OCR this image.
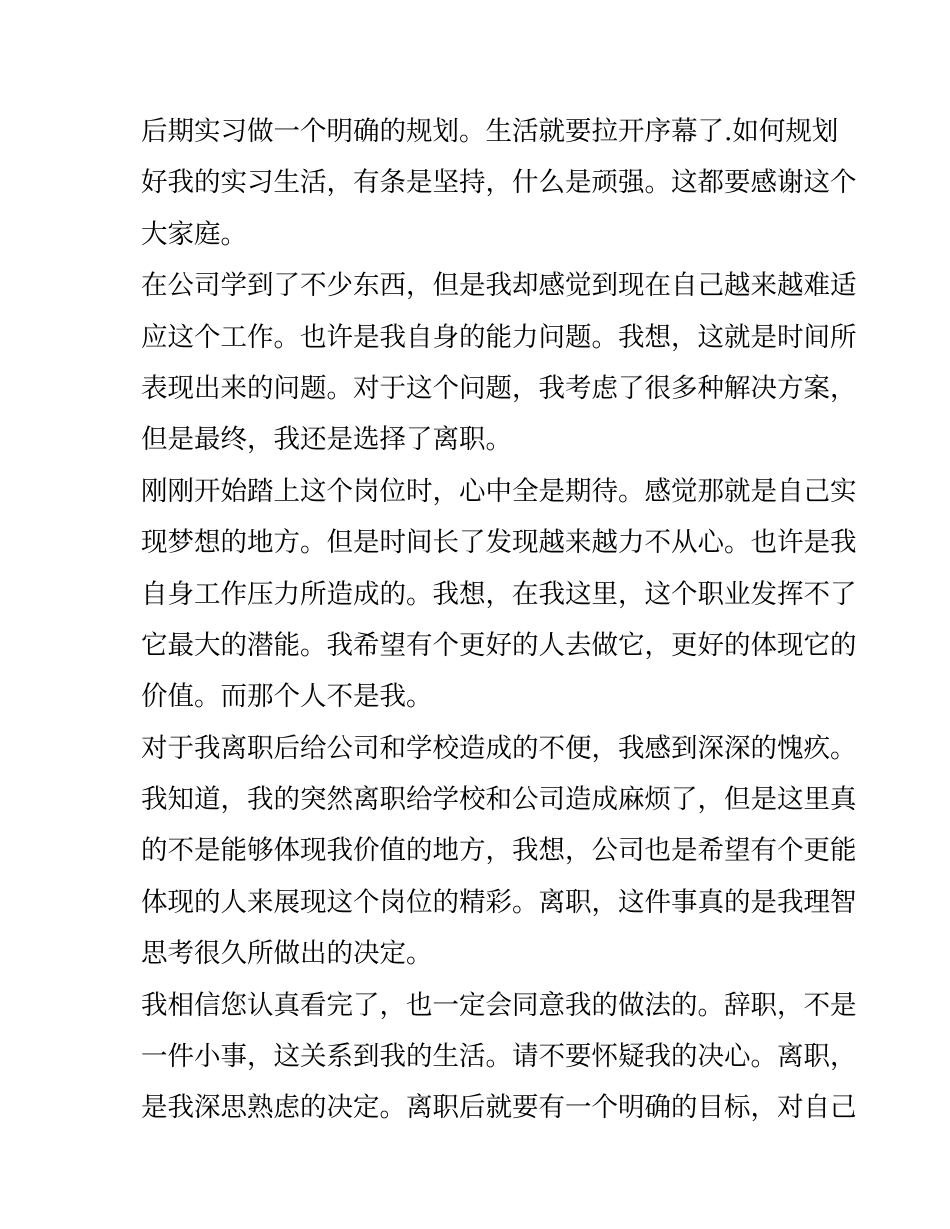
后期实习做一个明确的规划。生活就要拉开序幕了.如何规划
好我的实习生活，有条是坚持，什么是顽强。这都要感谢这个
大家庭。
在公司学到了不少东西，但是我却感觉到现在自己越来越难适
应这个工作。也许是我自身的能力问题。我想，这就是时间所
表现出来的问题。对于这个问题，我考虑了很多种解决方案，
但是最终，我还是选择了离职。
刚刚开始踏上这个岗位时，心中全是期待。感觉那就是自己实
现梦想的地方。但是时间长了发现越来越力不从心。也许是我
自身工作压力所造成的。我想，在我这里，这个职业发挥不了
它最大的潜能。我希望有个更好的人去做它，更好的体现它的
价值。而那个人不是我。
对于我离职后给公司和学校造成的不便，我感到深深的愧疚。
我知道，我的突然离职给学校和公司造成麻烦了，但是这里真
的不是能够体现我价值的地方，我想，公司也是希望有个更能
体现的人来展现这个岗位的精彩。离职，这件事真的是我理智
思考很久所做出的决定。
我相信您认真看完了，也一定会同意我的做法的。辞职，不是
一件小事，这关系到我的生活。请不要怀疑我的决心。离职，
是我深思熟虑的决定。离职后就要有一个明确的目标，对自己
